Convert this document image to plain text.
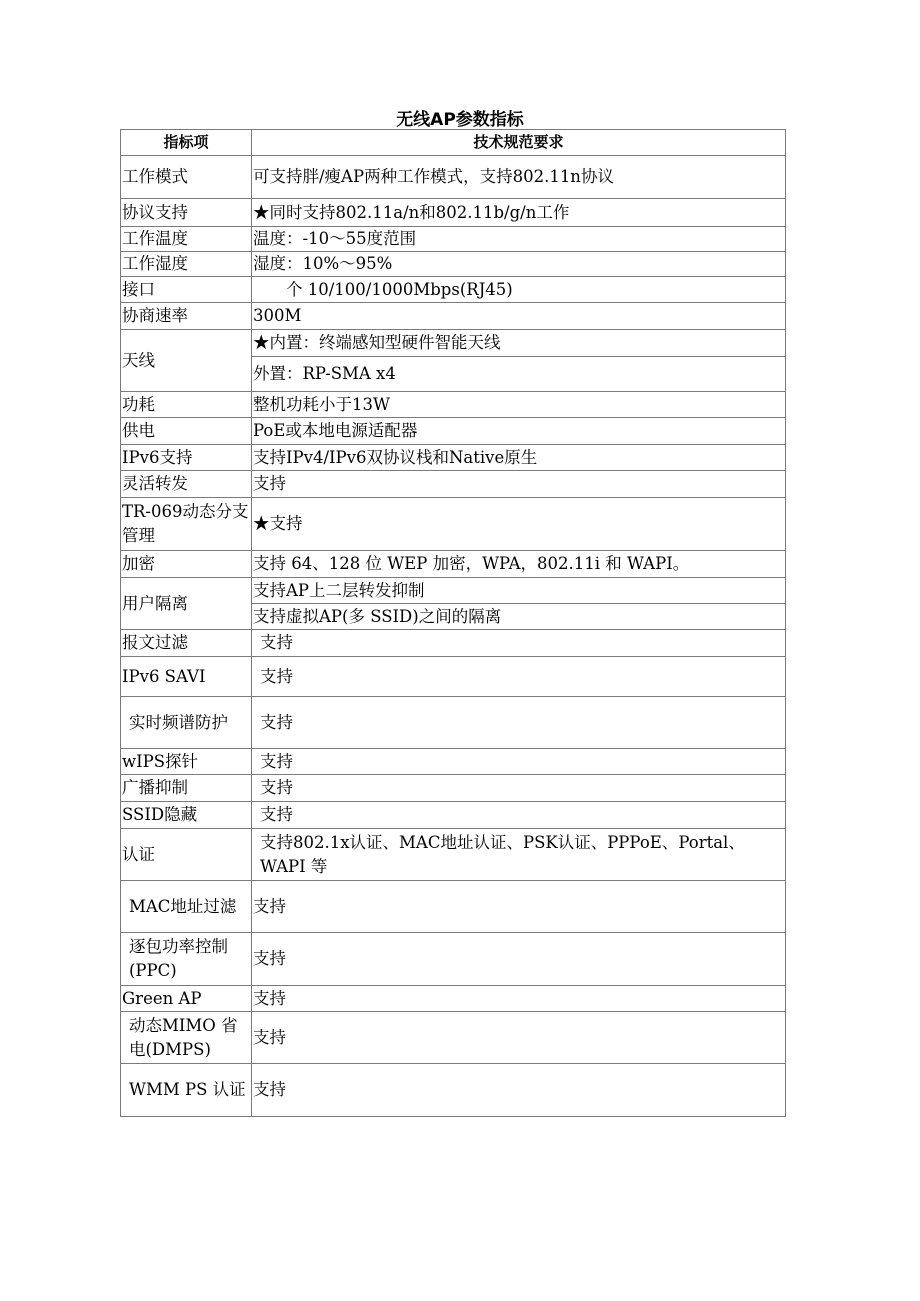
无线AP参数指标
指标项	技术规范要求
工作模式	可支持胖/瘦AP两种工作模式，支持802.11n协议
协议支持	★同时支持802.11a/n和802.11b/g/n工作
工作温度	温度：-10〜55度范围
工作湿度	湿度：10%〜95%
接口	个 10/100/1000Mbps(RJ45)
协商速率	300M
天线	★内置：终端感知型硬件智能天线
	外置：RP-SMA x4
功耗	整机功耗小于13W
供电	PoE或本地电源适配器
IPv6支持	支持IPv4/IPv6双协议栈和Native原生
灵活转发	支持
TR-069动态分支管理	★支持
加密	支持 64、128 位 WEP 加密，WPA，802.11i 和 WAPI。
用户隔离	支持AP上二层转发抑制
	支持虚拟AP(多 SSID)之间的隔离
报文过滤	支持
IPv6 SAVI	支持
实时频谱防护	支持
wIPS探针	支持
广播抑制	支持
SSID隐藏	支持
认证	支持802.1x认证、MAC地址认证、PSK认证、PPPoE、Portal、WAPI 等
MAC地址过滤	支持
逐包功率控制 (PPC)	支持
Green AP	支持
动态MIMO 省电(DMPS)	支持
WMM PS 认证	支持
